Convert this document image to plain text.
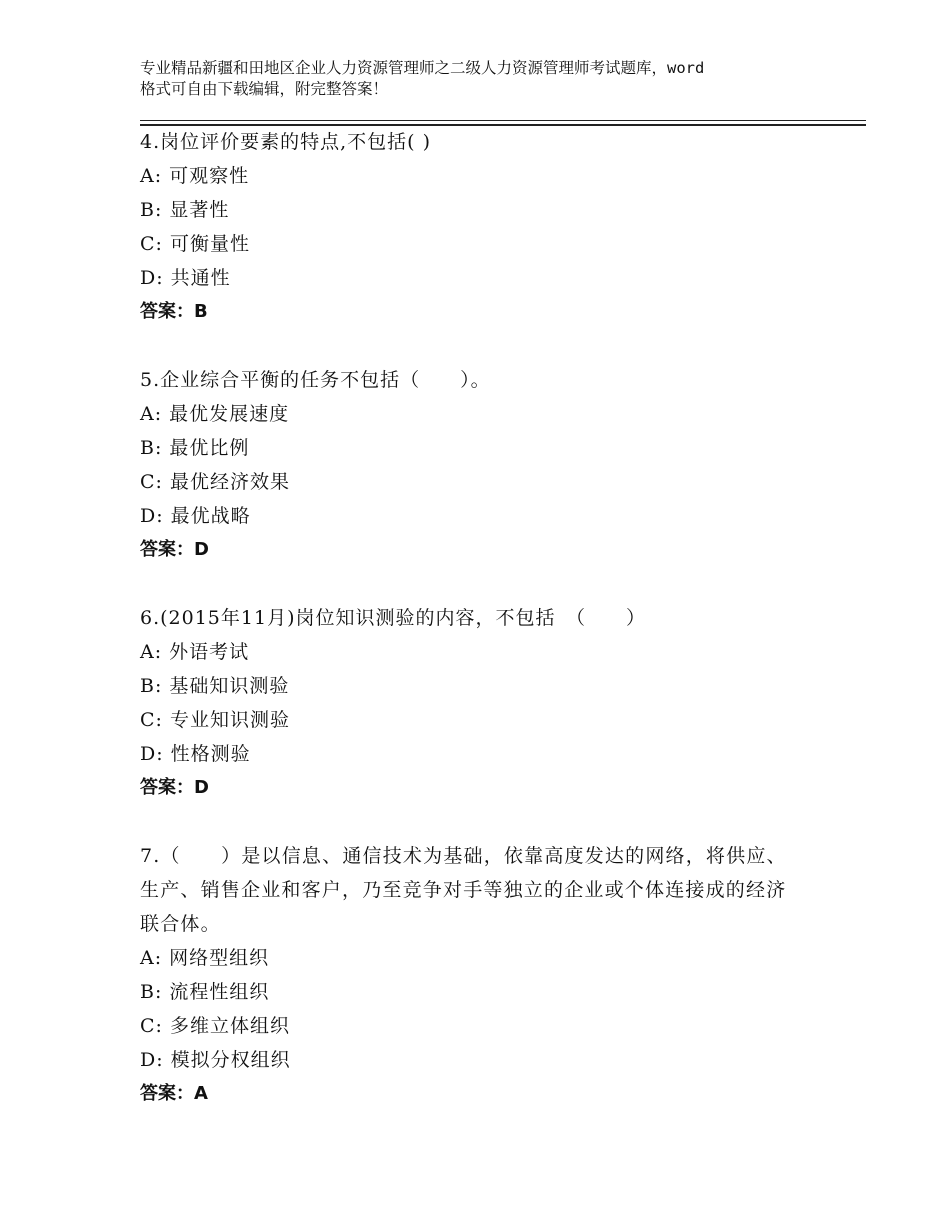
专业精品新疆和田地区企业人力资源管理师之二级人力资源管理师考试题库，word
格式可自由下载编辑，附完整答案！
4.岗位评价要素的特点,不包括( )
A: 可观察性
B: 显著性
C: 可衡量性
D: 共通性
答案：B
5.企业综合平衡的任务不包括（　　）。
A: 最优发展速度
B: 最优比例
C: 最优经济效果
D: 最优战略
答案：D
6.(2015年11月)岗位知识测验的内容，不包括　（　　）
A: 外语考试
B: 基础知识测验
C: 专业知识测验
D: 性格测验
答案：D
7.（　　）是以信息、通信技术为基础，依靠高度发达的网络，将供应、生产、销售企业和客户，乃至竞争对手等独立的企业或个体连接成的经济联合体。
A: 网络型组织
B: 流程性组织
C: 多维立体组织
D: 模拟分权组织
答案：A
